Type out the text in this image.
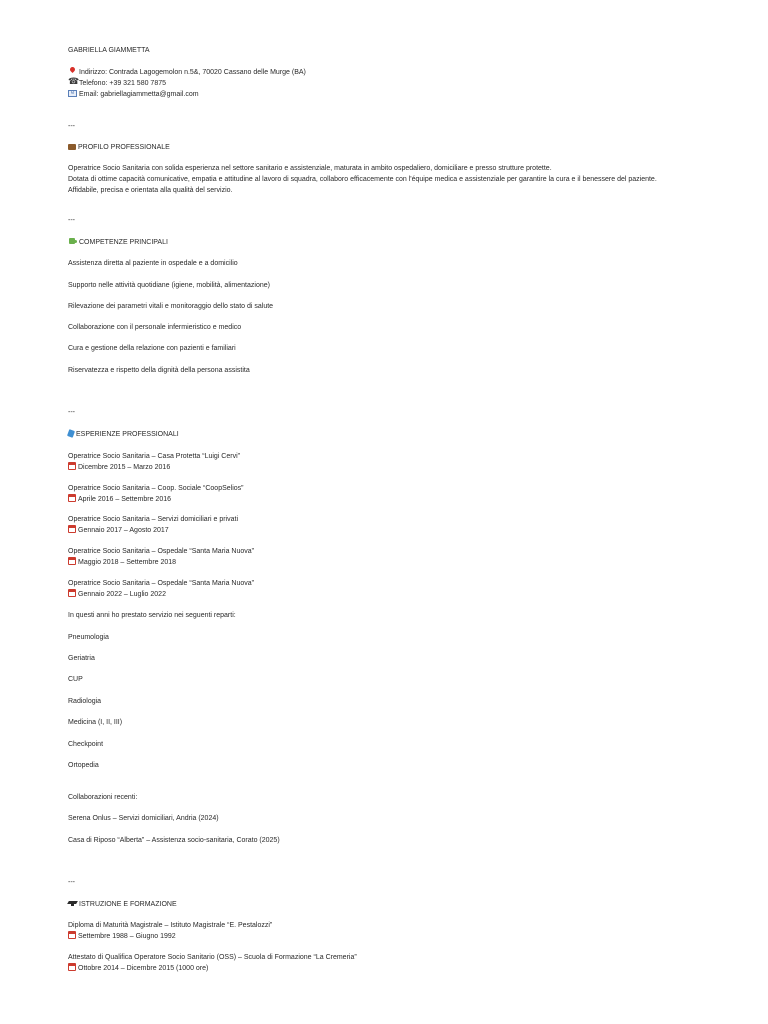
GABRIELLA GIAMMETTA
Indirizzo: Contrada Lagogemolon n.5&, 70020 Cassano delle Murge (BA)
☎Telefono: +39 321 580 7875
eEmail: gabriellagiammetta@gmail.com
---
PROFILO PROFESSIONALE
Operatrice Socio Sanitaria con solida esperienza nel settore sanitario e assistenziale, maturata in ambito ospedaliero, domiciliare e presso strutture protette.
Dotata di ottime capacità comunicative, empatia e attitudine al lavoro di squadra, collaboro efficacemente con l'équipe medica e assistenziale per garantire la cura e il benessere del paziente.
Affidabile, precisa e orientata alla qualità del servizio.
---
COMPETENZE PRINCIPALI
Assistenza diretta al paziente in ospedale e a domicilio
Supporto nelle attività quotidiane (igiene, mobilità, alimentazione)
Rilevazione dei parametri vitali e monitoraggio dello stato di salute
Collaborazione con il personale infermieristico e medico
Cura e gestione della relazione con pazienti e familiari
Riservatezza e rispetto della dignità della persona assistita
---
ESPERIENZE PROFESSIONALI
Operatrice Socio Sanitaria – Casa Protetta “Luigi Cervi”
Dicembre 2015 – Marzo 2016
Operatrice Socio Sanitaria – Coop. Sociale “CoopSelios”
Aprile 2016 – Settembre 2016
Operatrice Socio Sanitaria – Servizi domiciliari e privati
Gennaio 2017 – Agosto 2017
Operatrice Socio Sanitaria – Ospedale “Santa Maria Nuova”
Maggio 2018 – Settembre 2018
Operatrice Socio Sanitaria – Ospedale “Santa Maria Nuova”
Gennaio 2022 – Luglio 2022
In questi anni ho prestato servizio nei seguenti reparti:
Pneumologia
Geriatria
CUP
Radiologia
Medicina (I, II, III)
Checkpoint
Ortopedia
Collaborazioni recenti:
Serena Onlus – Servizi domiciliari, Andria (2024)
Casa di Riposo “Alberta” – Assistenza socio-sanitaria, Corato (2025)
---
ISTRUZIONE E FORMAZIONE
Diploma di Maturità Magistrale – Istituto Magistrale “E. Pestalozzi”
Settembre 1988 – Giugno 1992
Attestato di Qualifica Operatore Socio Sanitario (OSS) – Scuola di Formazione “La Cremeria”
Ottobre 2014 – Dicembre 2015 (1000 ore)
